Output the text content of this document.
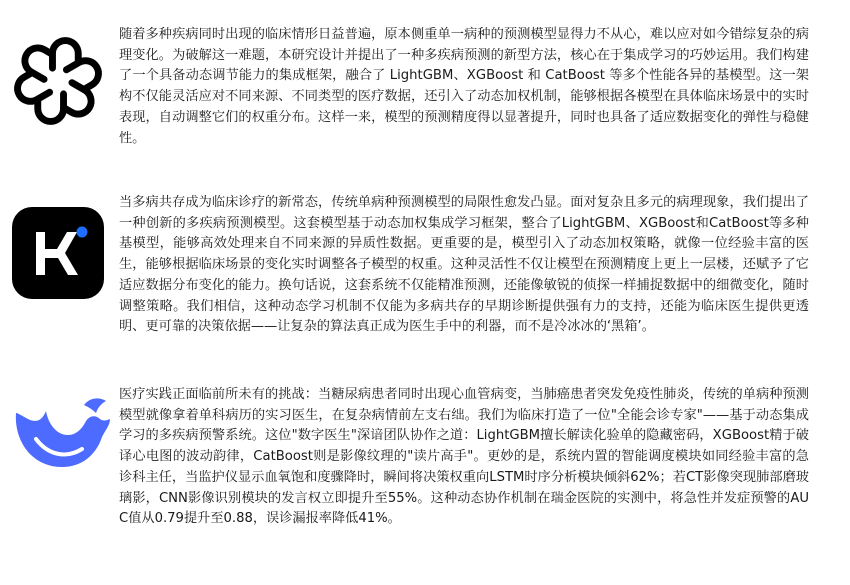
随着多种疾病同时出现的临床情形日益普遍，原本侧重单一病种的预测模型显得力不从心，难以应对如今错综复杂的病理变化。为破解这一难题，本研究设计并提出了一种多疾病预测的新型方法，核心在于集成学习的巧妙运用。我们构建了一个具备动态调节能力的集成框架，融合了 LightGBM、XGBoost 和 CatBoost 等多个性能各异的基模型。这一架构不仅能灵活应对不同来源、不同类型的医疗数据，还引入了动态加权机制，能够根据各模型在具体临床场景中的实时表现，自动调整它们的权重分布。这样一来，模型的预测精度得以显著提升，同时也具备了适应数据变化的弹性与稳健性。

当多病共存成为临床诊疗的新常态，传统单病种预测模型的局限性愈发凸显。面对复杂且多元的病理现象，我们提出了一种创新的多疾病预测模型。这套模型基于动态加权集成学习框架，整合了LightGBM、XGBoost和CatBoost等多种基模型，能够高效处理来自不同来源的异质性数据。更重要的是，模型引入了动态加权策略，就像一位经验丰富的医生，能够根据临床场景的变化实时调整各子模型的权重。这种灵活性不仅让模型在预测精度上更上一层楼，还赋予了它适应数据分布变化的能力。换句话说，这套系统不仅能精准预测，还能像敏锐的侦探一样捕捉数据中的细微变化，随时调整策略。我们相信，这种动态学习机制不仅能为多病共存的早期诊断提供强有力的支持，还能为临床医生提供更透明、更可靠的决策依据——让复杂的算法真正成为医生手中的利器，而不是冷冰冰的‘黑箱’。

医疗实践正面临前所未有的挑战：当糖尿病患者同时出现心血管病变，当肺癌患者突发免疫性肺炎，传统的单病种预测模型就像拿着单科病历的实习医生，在复杂病情前左支右绌。我们为临床打造了一位"全能会诊专家"——基于动态集成学习的多疾病预警系统。这位"数字医生"深谙团队协作之道：LightGBM擅长解读化验单的隐藏密码，XGBoost精于破译心电图的波动韵律，CatBoost则是影像纹理的"读片高手"。更妙的是，系统内置的智能调度模块如同经验丰富的急诊科主任，当监护仪显示血氧饱和度骤降时，瞬间将决策权重向LSTM时序分析模块倾斜62%；若CT影像突现肺部磨玻璃影，CNN影像识别模块的发言权立即提升至55%。这种动态协作机制在瑞金医院的实测中，将急性并发症预警的AUC值从0.79提升至0.88，误诊漏报率降低41%。
